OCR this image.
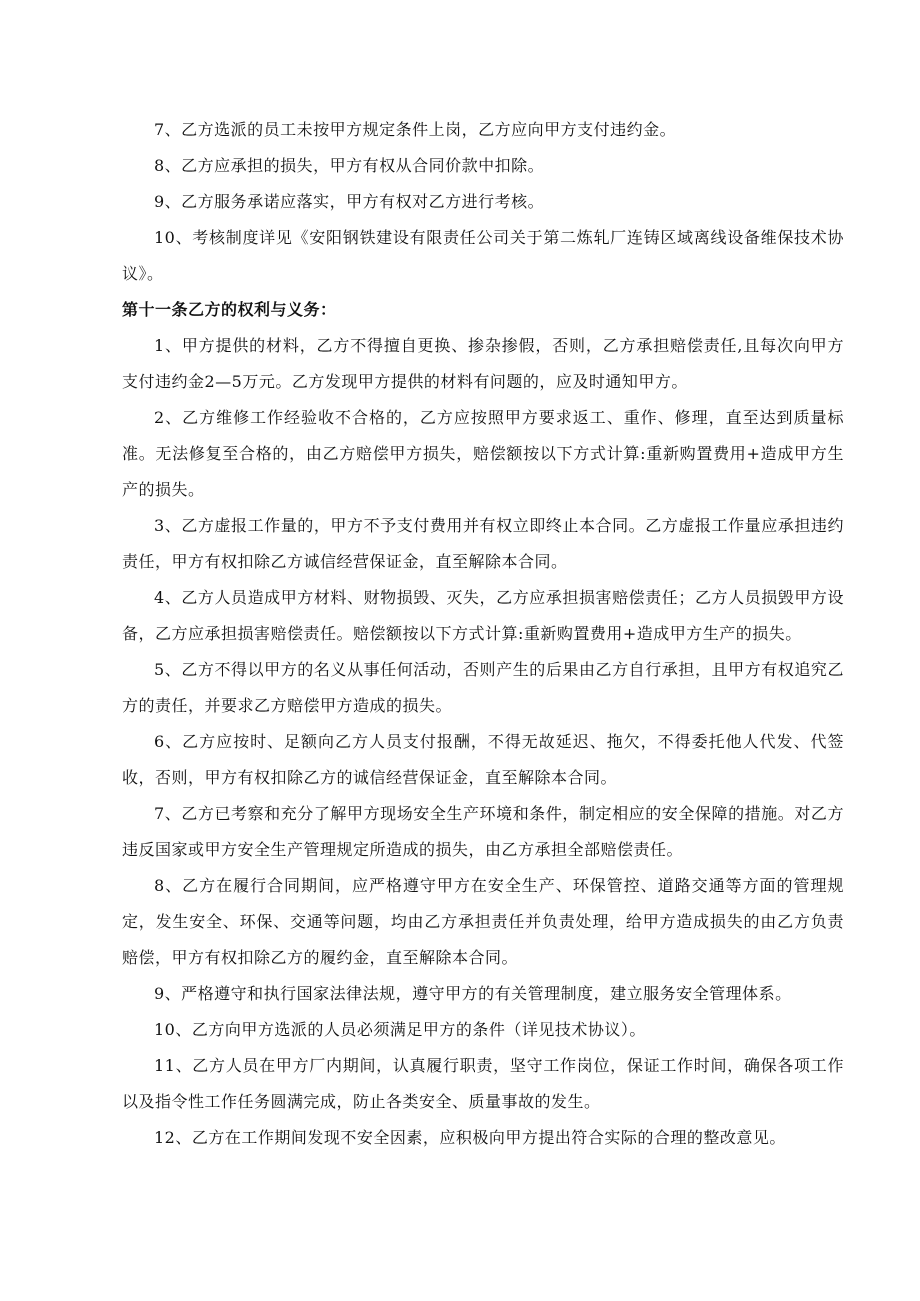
7、乙方选派的员工未按甲方规定条件上岗，乙方应向甲方支付违约金。

8、乙方应承担的损失，甲方有权从合同价款中扣除。

9、乙方服务承诺应落实，甲方有权对乙方进行考核。

10、考核制度详见《安阳钢铁建设有限责任公司关于第二炼轧厂连铸区域离线设备维保技术协议》。

第十一条乙方的权利与义务：

1、甲方提供的材料，乙方不得擅自更换、掺杂掺假，否则，乙方承担赔偿责任,且每次向甲方支付违约金2—5万元。乙方发现甲方提供的材料有问题的，应及时通知甲方。

2、乙方维修工作经验收不合格的，乙方应按照甲方要求返工、重作、修理，直至达到质量标准。无法修复至合格的，由乙方赔偿甲方损失，赔偿额按以下方式计算:重新购置费用+造成甲方生产的损失。

3、乙方虚报工作量的，甲方不予支付费用并有权立即终止本合同。乙方虚报工作量应承担违约责任，甲方有权扣除乙方诚信经营保证金，直至解除本合同。

4、乙方人员造成甲方材料、财物损毁、灭失，乙方应承担损害赔偿责任；乙方人员损毁甲方设备，乙方应承担损害赔偿责任。赔偿额按以下方式计算:重新购置费用+造成甲方生产的损失。

5、乙方不得以甲方的名义从事任何活动，否则产生的后果由乙方自行承担，且甲方有权追究乙方的责任，并要求乙方赔偿甲方造成的损失。

6、乙方应按时、足额向乙方人员支付报酬，不得无故延迟、拖欠，不得委托他人代发、代签收，否则，甲方有权扣除乙方的诚信经营保证金，直至解除本合同。

7、乙方已考察和充分了解甲方现场安全生产环境和条件，制定相应的安全保障的措施。对乙方违反国家或甲方安全生产管理规定所造成的损失，由乙方承担全部赔偿责任。

8、乙方在履行合同期间，应严格遵守甲方在安全生产、环保管控、道路交通等方面的管理规定，发生安全、环保、交通等问题，均由乙方承担责任并负责处理，给甲方造成损失的由乙方负责赔偿，甲方有权扣除乙方的履约金，直至解除本合同。

9、严格遵守和执行国家法律法规，遵守甲方的有关管理制度，建立服务安全管理体系。

10、乙方向甲方选派的人员必须满足甲方的条件（详见技术协议）。

11、乙方人员在甲方厂内期间，认真履行职责，坚守工作岗位，保证工作时间，确保各项工作以及指令性工作任务圆满完成，防止各类安全、质量事故的发生。

12、乙方在工作期间发现不安全因素，应积极向甲方提出符合实际的合理的整改意见。
